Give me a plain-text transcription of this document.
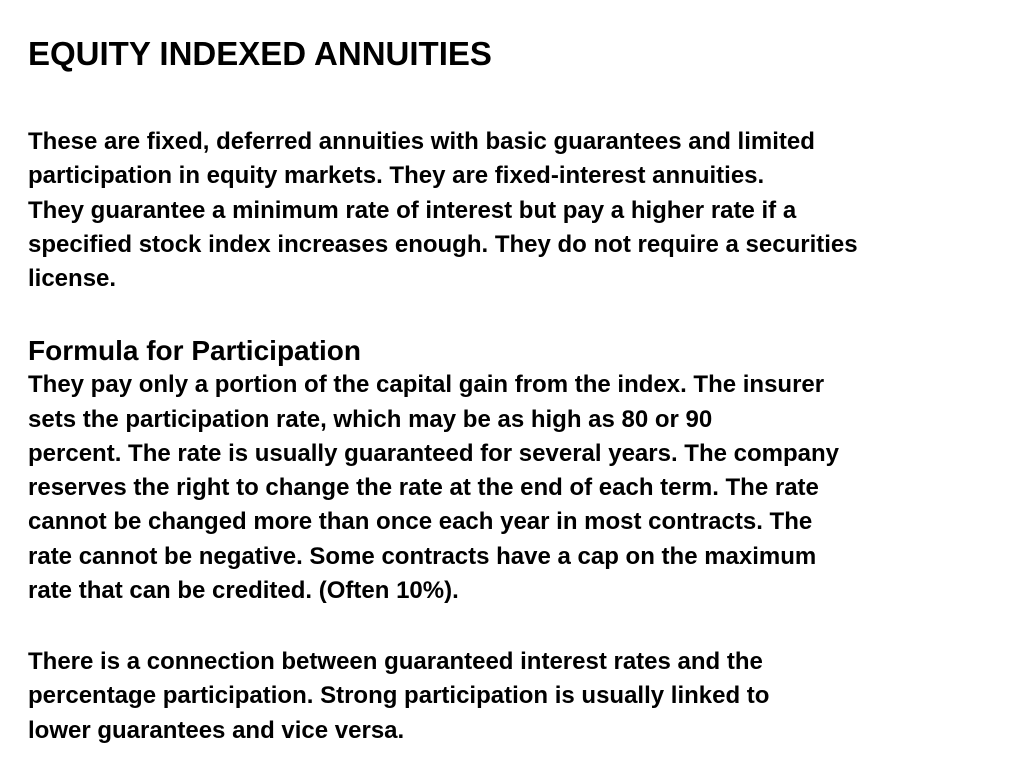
EQUITY INDEXED ANNUITIES

These are fixed, deferred annuities with basic guarantees and limited
participation in equity markets. They are fixed-interest annuities.
They guarantee a minimum rate of interest but pay a higher rate if a
specified stock index increases enough. They do not require a securities
license.

Formula for Participation
They pay only a portion of the capital gain from the index. The insurer
sets the participation rate, which may be as high as 80 or 90
percent. The rate is usually guaranteed for several years. The company
reserves the right to change the rate at the end of each term. The rate
cannot be changed more than once each year in most contracts. The
rate cannot be negative. Some contracts have a cap on the maximum
rate that can be credited. (Often 10%).

There is a connection between guaranteed interest rates and the
percentage participation. Strong participation is usually linked to
lower guarantees and vice versa.
